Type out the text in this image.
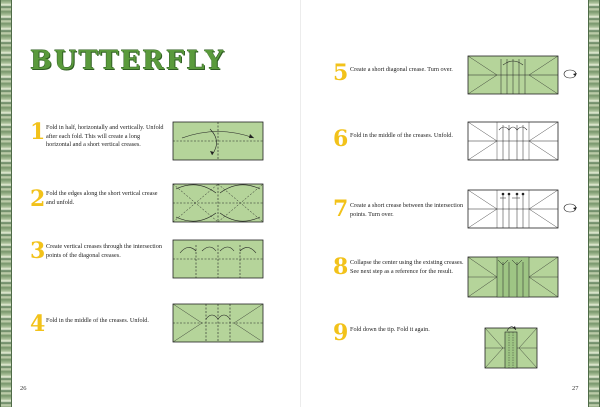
BUTTERFLY
1 Fold in half, horizontally and vertically. Unfold after each fold. This will create a long horizontal and a short vertical creases.
2 Fold the edges along the short vertical crease and unfold.
3 Create vertical creases through the intersection points of the diagonal creases.
4 Fold in the middle of the creases. Unfold.
5 Create a short diagonal crease. Turn over.
6 Fold in the middle of the creases. Unfold.
7 Create a short crease between the intersection points. Turn over.
8 Collapse the center using the existing creases. See next step as a reference for the result.
9 Fold down the tip. Fold it again.
26	27
